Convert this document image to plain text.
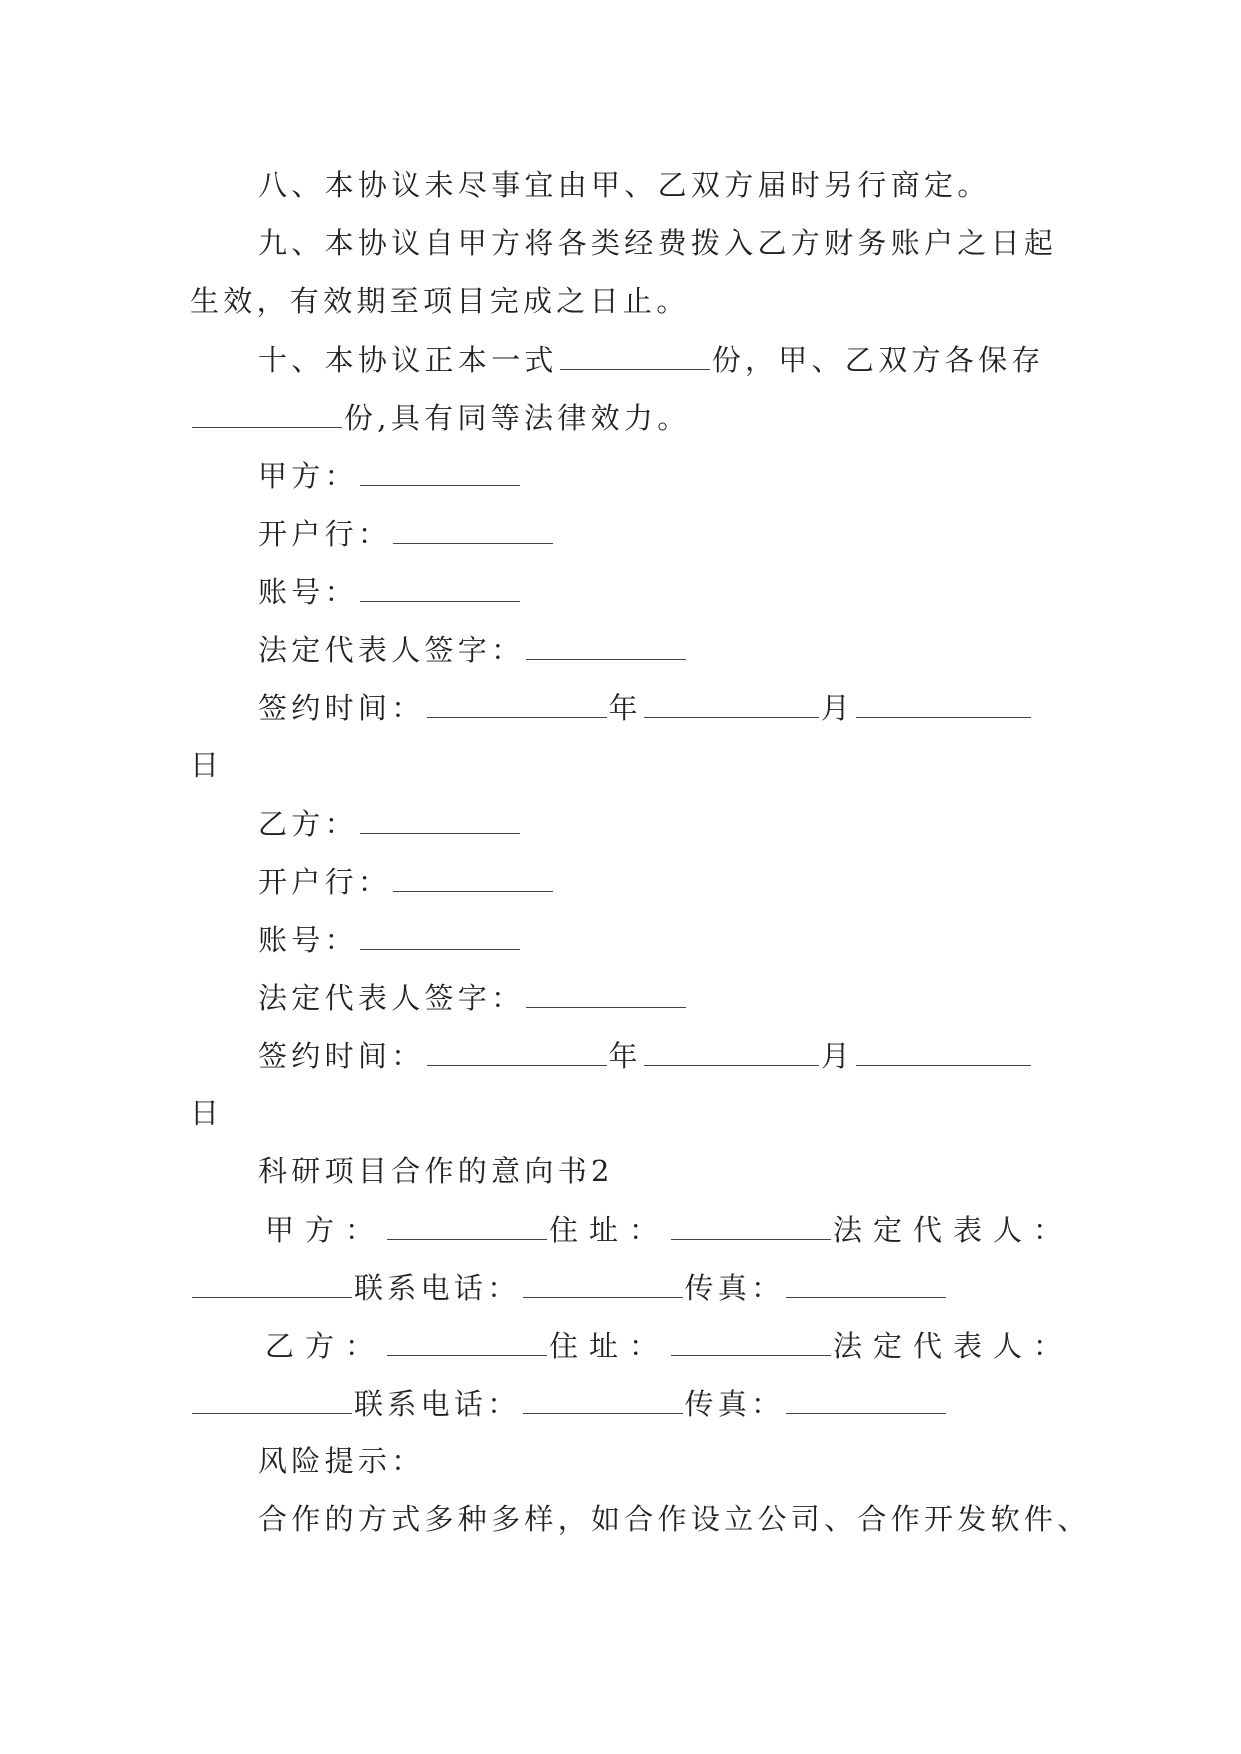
八、本协议未尽事宜由甲、乙双方届时另行商定。
九、本协议自甲方将各类经费拨入乙方财务账户之日起
生效，有效期至项目完成之日止。
十、本协议正本一式	份，甲、乙双方各保存
份,具有同等法律效力。
甲方：
开户行：
账号：
法定代表人签字：
签约时间：	年	月
日
乙方：
开户行：
账号：
法定代表人签字：
签约时间：	年	月
日
科研项目合作的意向书2
甲方：	住址：	法定代表人：
联系电话：	传真：
乙方：	住址：	法定代表人：
联系电话：	传真：
风险提示：
合作的方式多种多样，如合作设立公司、合作开发软件、
